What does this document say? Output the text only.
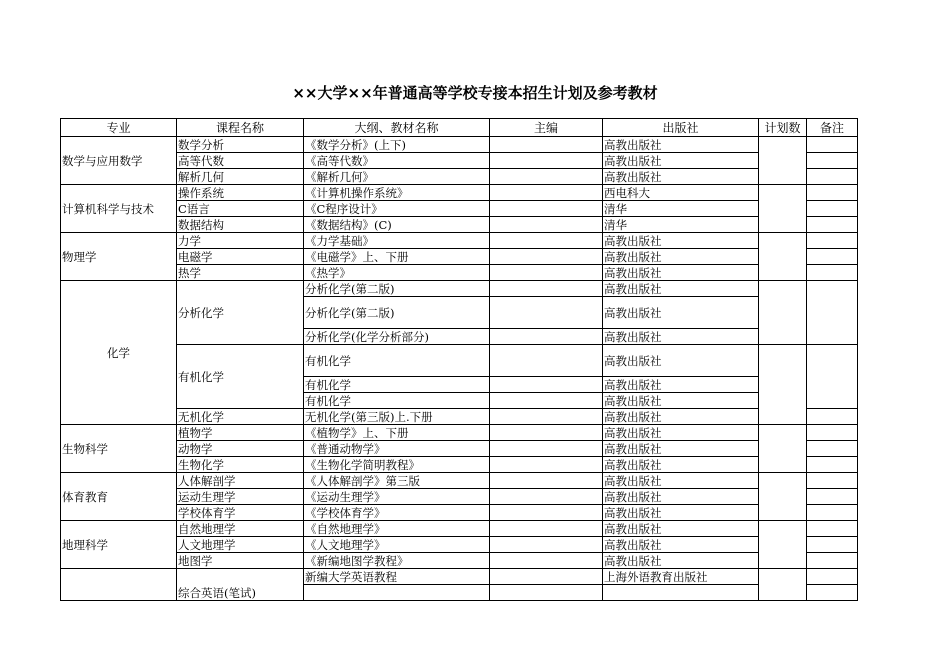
××大学××年普通高等学校专接本招生计划及参考教材
专业	课程名称	大纲、教材名称	主编	出版社	计划数	备注
数学与应用数学	数学分析	《数学分析》(上下)		高教出版社		
	高等代数	《高等代数》		高教出版社		
	解析几何	《解析几何》		高教出版社		
计算机科学与技术	操作系统	《计算机操作系统》		西电科大		
	C语言	《C程序设计》		清华		
	数据结构	《数据结构》(C)		清华		
物理学	力学	《力学基础》		高教出版社		
	电磁学	《电磁学》上、下册		高教出版社		
	热学	《热学》		高教出版社		
化学	分析化学	分析化学(第二版)		高教出版社		
		分析化学(第二版)		高教出版社		
		分析化学(化学分析部分)		高教出版社		
	有机化学	有机化学		高教出版社		
		有机化学		高教出版社		
		有机化学		高教出版社		
	无机化学	无机化学(第三版)上.下册		高教出版社		
生物科学	植物学	《植物学》上、下册		高教出版社		
	动物学	《普通动物学》		高教出版社		
	生物化学	《生物化学简明教程》		高教出版社		
体育教育	人体解剖学	《人体解剖学》第三版		高教出版社		
	运动生理学	《运动生理学》		高教出版社		
	学校体育学	《学校体育学》		高教出版社		
地理科学	自然地理学	《自然地理学》		高教出版社		
	人文地理学	《人文地理学》		高教出版社		
	地图学	《新编地图学教程》		高教出版社		
	综合英语(笔试)	新编大学英语教程		上海外语教育出版社		
